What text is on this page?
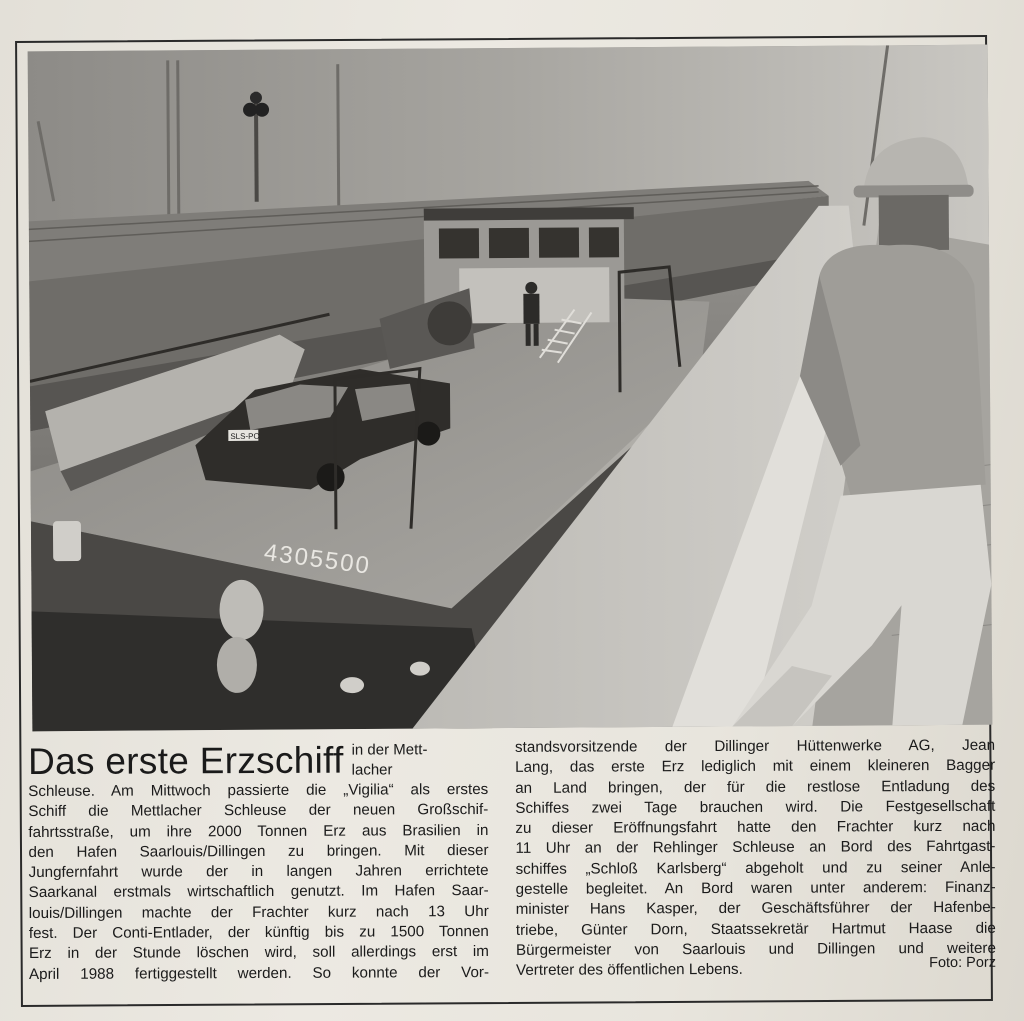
4305500
SLS-PO
Das erste Erzschiff in der Mett-
lacher
Schleuse. Am Mittwoch passierte die „Vigilia“ als erstes
Schiff die Mettlacher Schleuse der neuen Großschif-
fahrtsstraße, um ihre 2000 Tonnen Erz aus Brasilien in
den Hafen Saarlouis/Dillingen zu bringen. Mit dieser
Jungfernfahrt wurde der in langen Jahren errichtete
Saarkanal erstmals wirtschaftlich genutzt. Im Hafen Saar-
louis/Dillingen machte der Frachter kurz nach 13 Uhr
fest. Der Conti-Entlader, der künftig bis zu 1500 Tonnen
Erz in der Stunde löschen wird, soll allerdings erst im
April 1988 fertiggestellt werden. So konnte der Vor-
standsvorsitzende der Dillinger Hüttenwerke AG, Jean
Lang, das erste Erz lediglich mit einem kleineren Bagger
an Land bringen, der für die restlose Entladung des
Schiffes zwei Tage brauchen wird. Die Festgesellschaft
zu dieser Eröffnungsfahrt hatte den Frachter kurz nach
11 Uhr an der Rehlinger Schleuse an Bord des Fahrtgast-
schiffes „Schloß Karlsberg“ abgeholt und zu seiner Anle-
gestelle begleitet. An Bord waren unter anderem: Finanz-
minister Hans Kasper, der Geschäftsführer der Hafenbe-
triebe, Günter Dorn, Staatssekretär Hartmut Haase die
Bürgermeister von Saarlouis und Dillingen und weitere
Vertreter des öffentlichen Lebens.	Foto: Porz
